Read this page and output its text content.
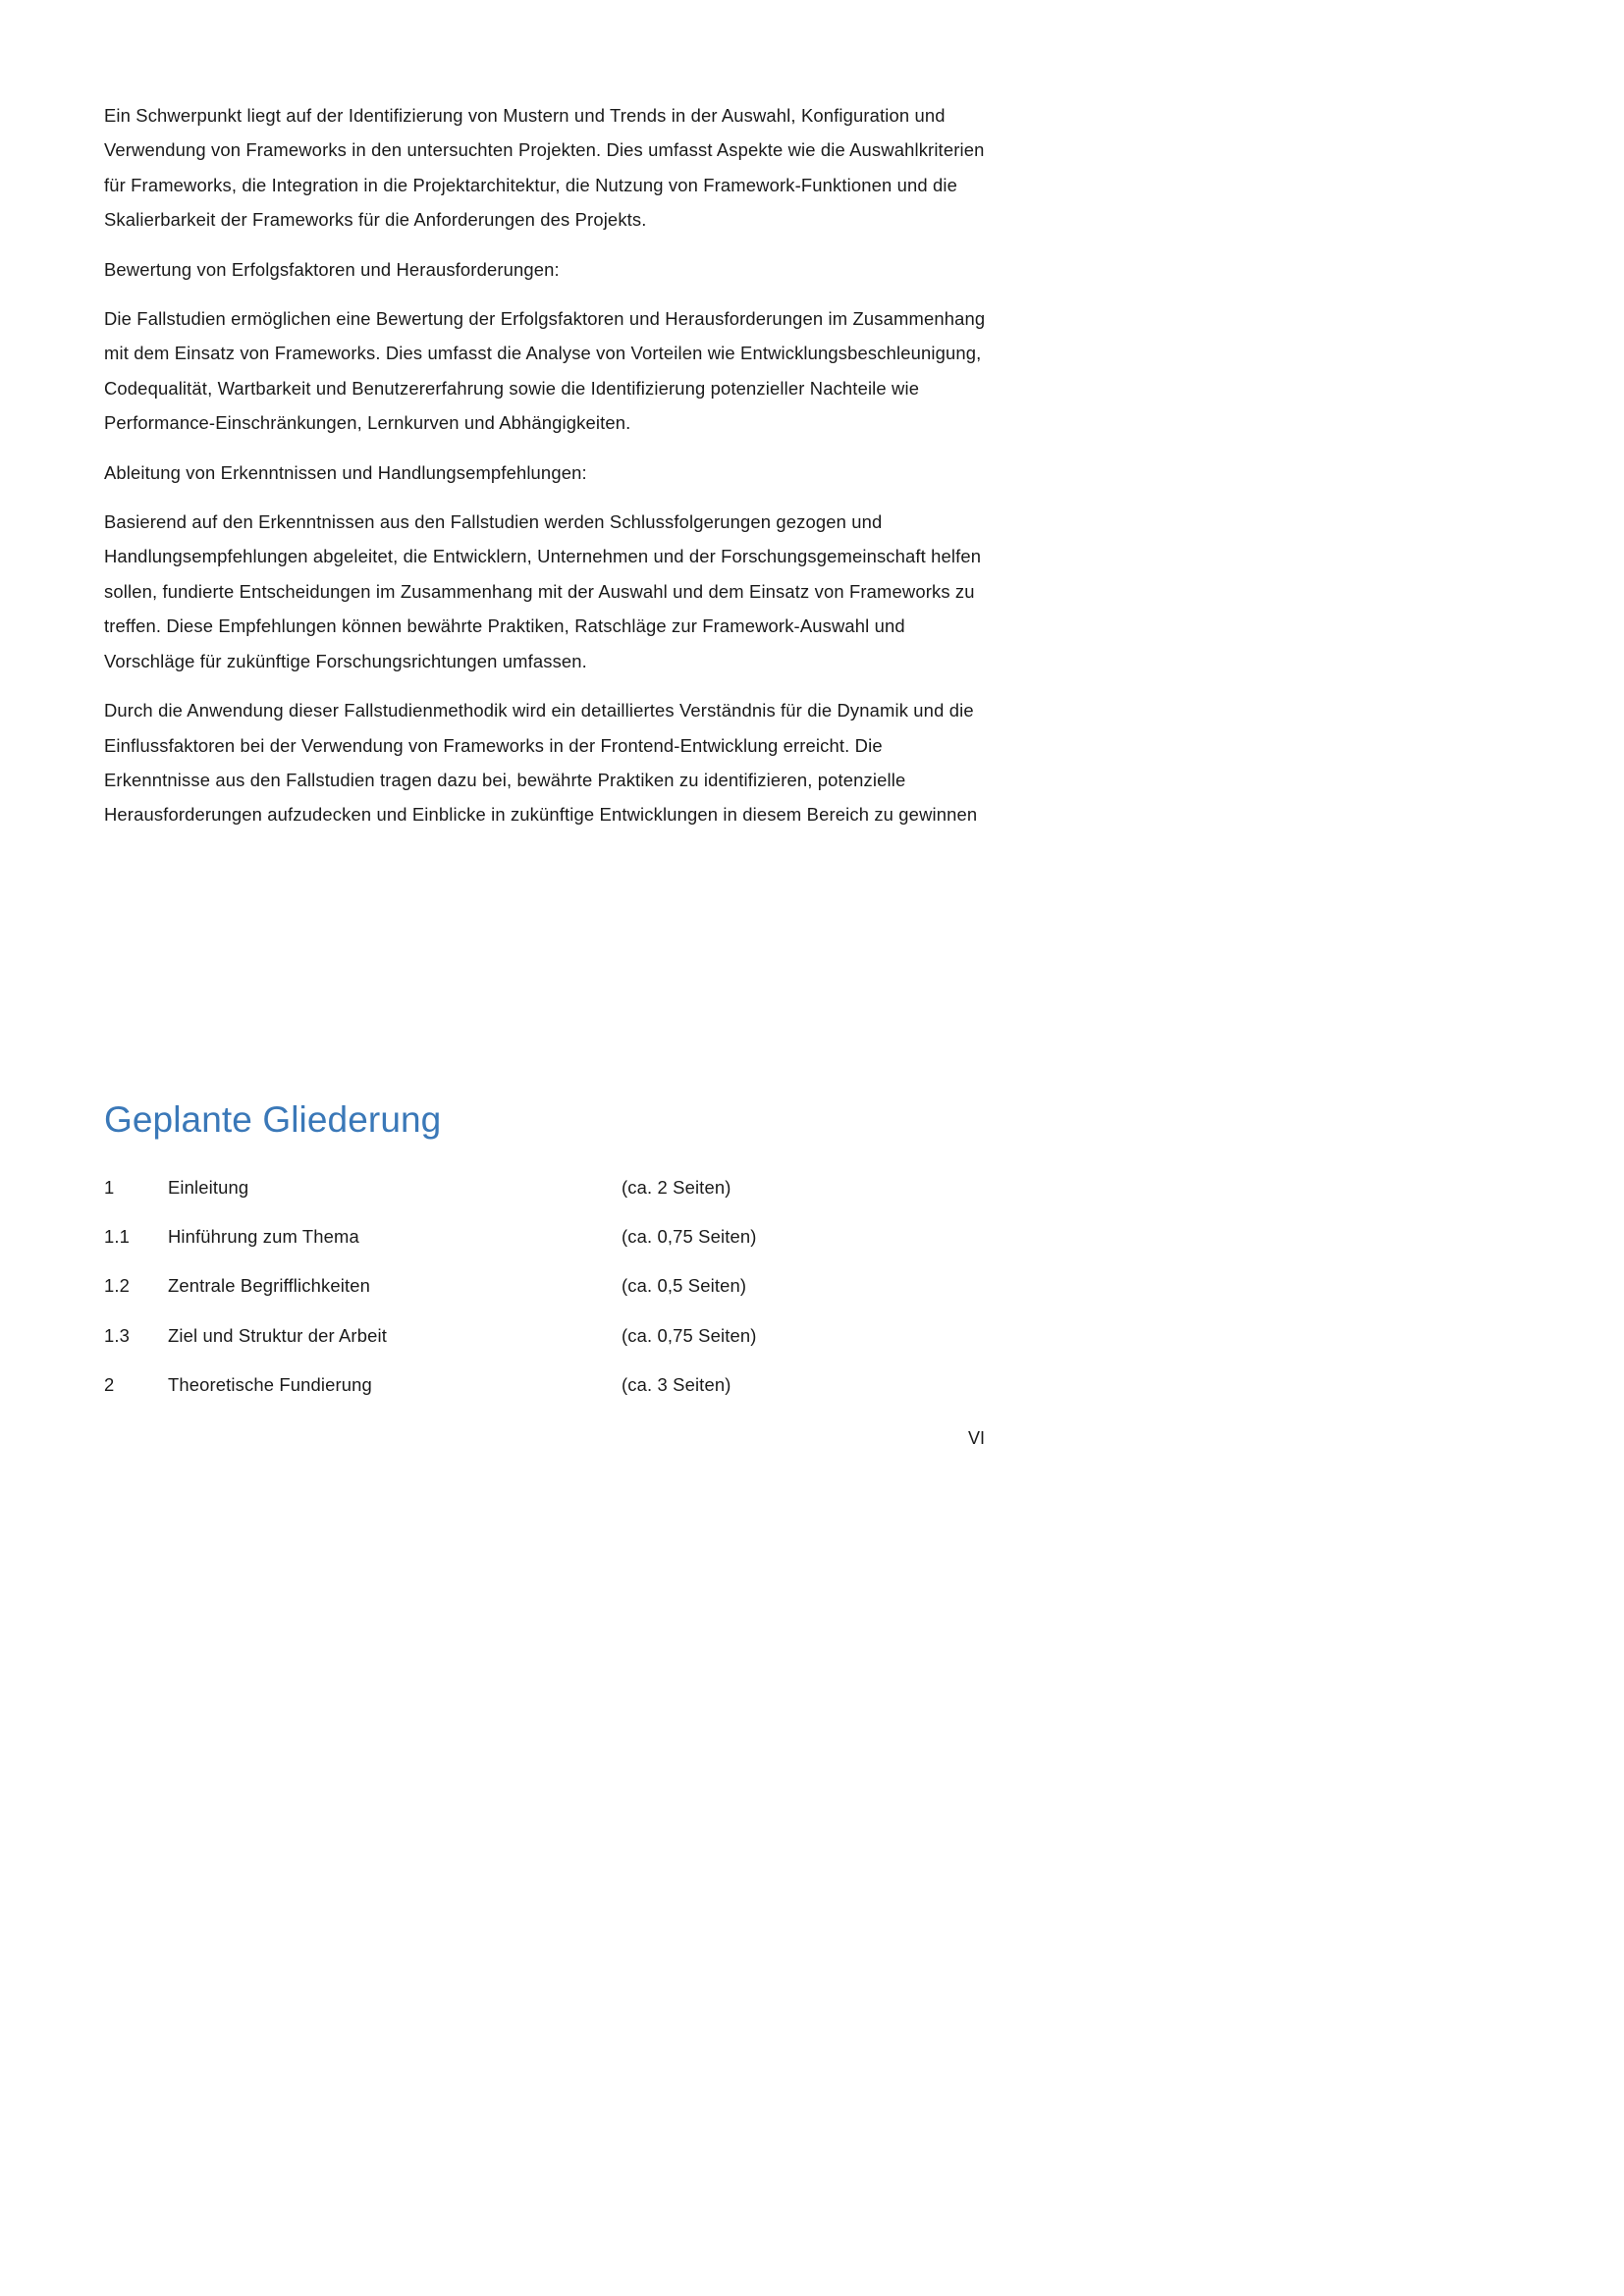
Ein Schwerpunkt liegt auf der Identifizierung von Mustern und Trends in der Auswahl, Konfiguration und Verwendung von Frameworks in den untersuchten Projekten. Dies umfasst Aspekte wie die Auswahlkriterien für Frameworks, die Integration in die Projektarchitektur, die Nutzung von Framework-Funktionen und die Skalierbarkeit der Frameworks für die Anforderungen des Projekts.

Bewertung von Erfolgsfaktoren und Herausforderungen:

Die Fallstudien ermöglichen eine Bewertung der Erfolgsfaktoren und Herausforderungen im Zusammenhang mit dem Einsatz von Frameworks. Dies umfasst die Analyse von Vorteilen wie Entwicklungsbeschleunigung, Codequalität, Wartbarkeit und Benutzererfahrung sowie die Identifizierung potenzieller Nachteile wie Performance-Einschränkungen, Lernkurven und Abhängigkeiten.

Ableitung von Erkenntnissen und Handlungsempfehlungen:

Basierend auf den Erkenntnissen aus den Fallstudien werden Schlussfolgerungen gezogen und Handlungsempfehlungen abgeleitet, die Entwicklern, Unternehmen und der Forschungsgemeinschaft helfen sollen, fundierte Entscheidungen im Zusammenhang mit der Auswahl und dem Einsatz von Frameworks zu treffen. Diese Empfehlungen können bewährte Praktiken, Ratschläge zur Framework-Auswahl und Vorschläge für zukünftige Forschungsrichtungen umfassen.

Durch die Anwendung dieser Fallstudienmethodik wird ein detailliertes Verständnis für die Dynamik und die Einflussfaktoren bei der Verwendung von Frameworks in der Frontend-Entwicklung erreicht. Die Erkenntnisse aus den Fallstudien tragen dazu bei, bewährte Praktiken zu identifizieren, potenzielle Herausforderungen aufzudecken und Einblicke in zukünftige Entwicklungen in diesem Bereich zu gewinnen

Geplante Gliederung
1	Einleitung	(ca. 2 Seiten)
1.1 Hinführung zum Thema	(ca. 0,75 Seiten)
1.2 Zentrale Begrifflichkeiten	(ca. 0,5 Seiten)
1.3 Ziel und Struktur der Arbeit	(ca. 0,75 Seiten)
2	Theoretische Fundierung	(ca. 3 Seiten)
VI
